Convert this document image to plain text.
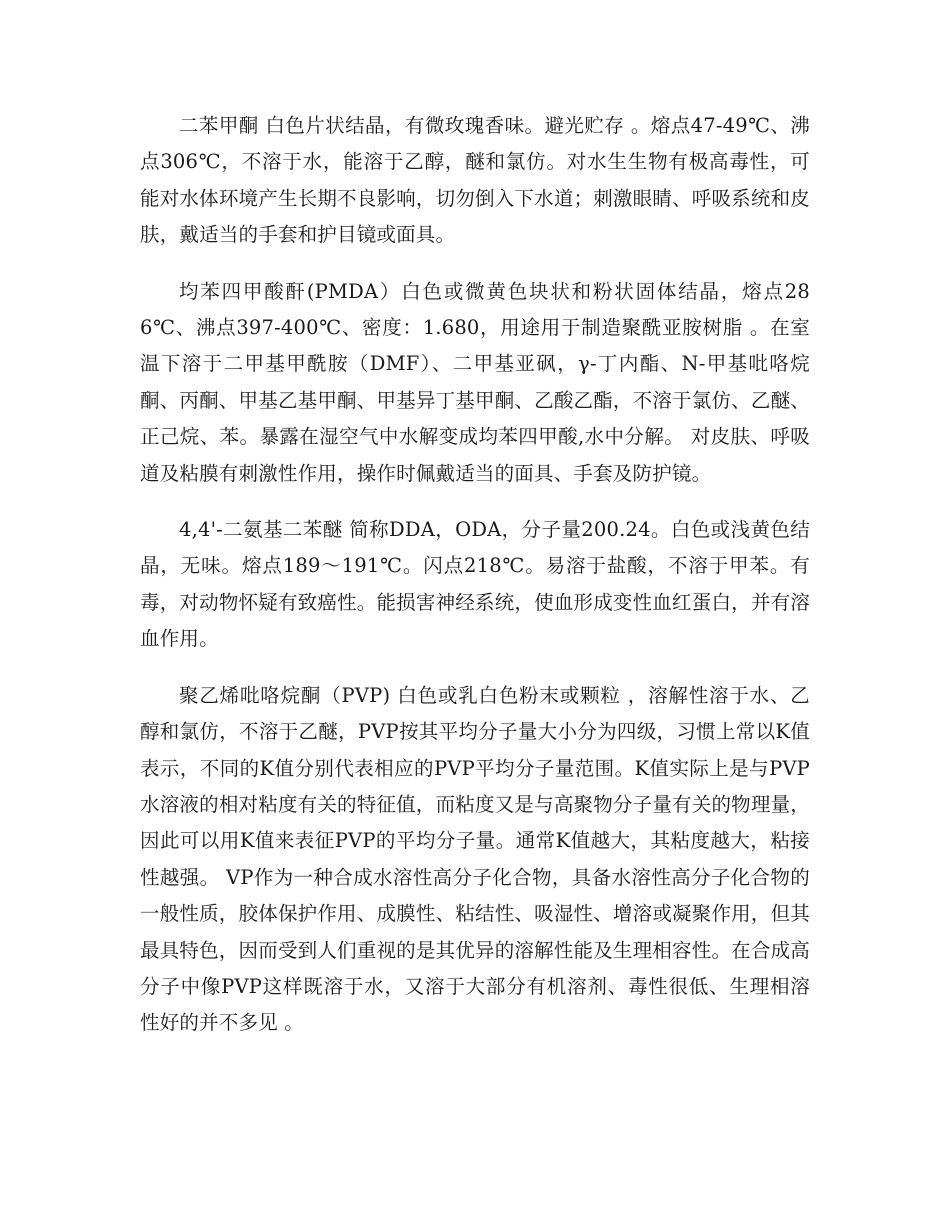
二苯甲酮 白色片状结晶，有微玫瑰香味。避光贮存 。熔点47-49℃、沸点306℃，不溶于水，能溶于乙醇，醚和氯仿。对水生生物有极高毒性，可能对水体环境产生长期不良影响，切勿倒入下水道；刺激眼睛、呼吸系统和皮肤，戴适当的手套和护目镜或面具。

均苯四甲酸酐(PMDA）白色或微黄色块状和粉状固体结晶，熔点286℃、沸点397-400℃、密度：1.680，用途用于制造聚酰亚胺树脂 。在室温下溶于二甲基甲酰胺（DMF）、二甲基亚砜，γ-丁内酯、N-甲基吡咯烷酮、丙酮、甲基乙基甲酮、甲基异丁基甲酮、乙酸乙酯，不溶于氯仿、乙醚、正己烷、苯。暴露在湿空气中水解变成均苯四甲酸,水中分解。 对皮肤、呼吸道及粘膜有刺激性作用，操作时佩戴适当的面具、手套及防护镜。

4,4'-二氨基二苯醚 简称DDA，ODA，分子量200.24。白色或浅黄色结晶，无味。熔点189～191℃。闪点218℃。易溶于盐酸，不溶于甲苯。有毒，对动物怀疑有致癌性。能损害神经系统，使血形成变性血红蛋白，并有溶血作用。

聚乙烯吡咯烷酮（PVP) 白色或乳白色粉末或颗粒 ，溶解性溶于水、乙醇和氯仿，不溶于乙醚，PVP按其平均分子量大小分为四级，习惯上常以K值表示，不同的K值分别代表相应的PVP平均分子量范围。K值实际上是与PVP水溶液的相对粘度有关的特征值，而粘度又是与高聚物分子量有关的物理量，因此可以用K值来表征PVP的平均分子量。通常K值越大，其粘度越大，粘接性越强。 VP作为一种合成水溶性高分子化合物，具备水溶性高分子化合物的一般性质，胶体保护作用、成膜性、粘结性、吸湿性、增溶或凝聚作用，但其最具特色，因而受到人们重视的是其优异的溶解性能及生理相容性。在合成高分子中像PVP这样既溶于水，又溶于大部分有机溶剂、毒性很低、生理相溶性好的并不多见 。
